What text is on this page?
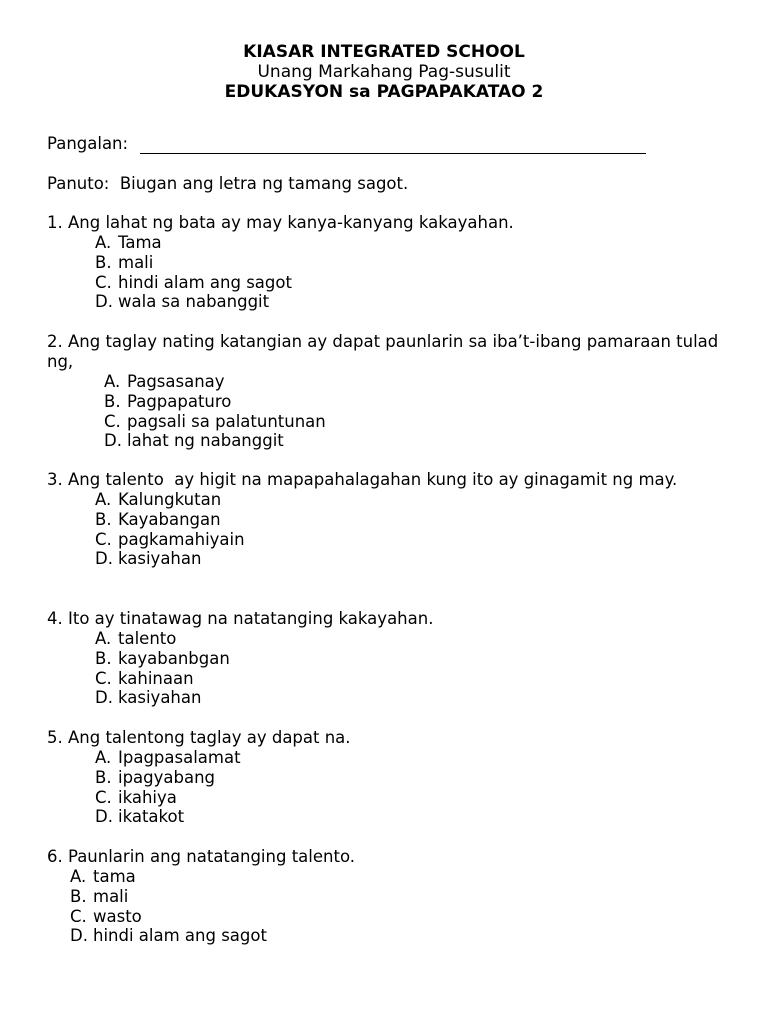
KIASAR INTEGRATED SCHOOL
Unang Markahang Pag-susulit
EDUKASYON sa PAGPAPAKATAO 2
Pangalan:
Panuto:  Biugan ang letra ng tamang sagot.
1. Ang lahat ng bata ay may kanya-kanyang kakayahan.
A. Tama
B. mali
C. hindi alam ang sagot
D. wala sa nabanggit
2. Ang taglay nating katangian ay dapat paunlarin sa iba’t-ibang pamaraan tulad ng,
A. Pagsasanay
B. Pagpapaturo
C. pagsali sa palatuntunan
D. lahat ng nabanggit
3. Ang talento  ay higit na mapapahalagahan kung ito ay ginagamit ng may.
A. Kalungkutan
B. Kayabangan
C. pagkamahiyain
D. kasiyahan
4. Ito ay tinatawag na natatanging kakayahan.
A. talento
B. kayabanbgan
C. kahinaan
D. kasiyahan
5. Ang talentong taglay ay dapat na.
A. Ipagpasalamat
B. ipagyabang
C. ikahiya
D. ikatakot
6. Paunlarin ang natatanging talento.
A. tama
B. mali
C. wasto
D. hindi alam ang sagot
